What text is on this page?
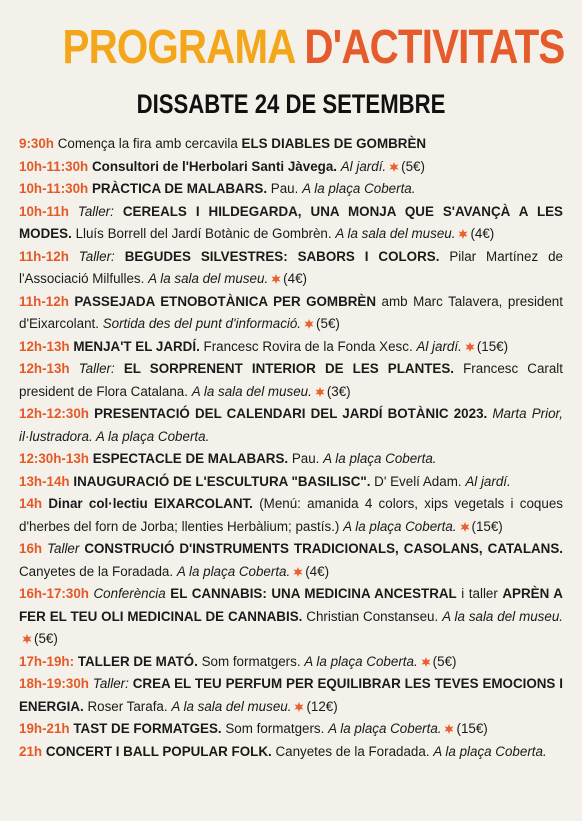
PROGRAMA D'ACTIVITATS
DISSABTE 24 DE SETEMBRE
9:30h Comença la fira amb cercavila ELS DIABLES DE GOMBRÈN
10h-11:30h Consultori de l'Herbolari Santi Jàvega. Al jardí. (5€)
10h-11:30h PRÀCTICA DE MALABARS. Pau. A la plaça Coberta.
10h-11h Taller: CEREALS I HILDEGARDA, UNA MONJA QUE S'AVANÇÀ A LES MODES. Lluís Borrell del Jardí Botànic de Gombrèn. A la sala del museu. (4€)
11h-12h Taller: BEGUDES SILVESTRES: SABORS I COLORS. Pilar Martínez de l'Associació Milfulles. A la sala del museu. (4€)
11h-12h PASSEJADA ETNOBOTÀNICA PER GOMBRÈN amb Marc Talavera, president d'Eixarcolant. Sortida des del punt d'informació. (5€)
12h-13h MENJA'T EL JARDÍ. Francesc Rovira de la Fonda Xesc. Al jardí. (15€)
12h-13h Taller: EL SORPRENENT INTERIOR DE LES PLANTES. Francesc Caralt president de Flora Catalana. A la sala del museu. (3€)
12h-12:30h PRESENTACIÓ DEL CALENDARI DEL JARDÍ BOTÀNIC 2023. Marta Prior, il·lustradora. A la plaça Coberta.
12:30h-13h ESPECTACLE DE MALABARS. Pau. A la plaça Coberta.
13h-14h INAUGURACIÓ DE L'ESCULTURA "BASILISC". D' Evelí Adam. Al jardí.
14h Dinar col·lectiu EIXARCOLANT. (Menú: amanida 4 colors, xips vegetals i coques d'herbes del forn de Jorba; llenties Herbàlium; pastís.) A la plaça Coberta. (15€)
16h Taller CONSTRUCIÓ D'INSTRUMENTS TRADICIONALS, CASOLANS, CATALANS. Canyetes de la Foradada. A la plaça Coberta. (4€)
16h-17:30h Conferència EL CANNABIS: UNA MEDICINA ANCESTRAL i taller APRÈN A FER EL TEU OLI MEDICINAL DE CANNABIS. Christian Constanseu. A la sala del museu.
(5€)
17h-19h: TALLER DE MATÓ. Som formatgers. A la plaça Coberta. (5€)
18h-19:30h Taller: CREA EL TEU PERFUM PER EQUILIBRAR LES TEVES EMOCIONS I ENERGIA. Roser Tarafa. A la sala del museu. (12€)
19h-21h TAST DE FORMATGES. Som formatgers. A la plaça Coberta. (15€)
21h CONCERT I BALL POPULAR FOLK. Canyetes de la Foradada. A la plaça Coberta.
